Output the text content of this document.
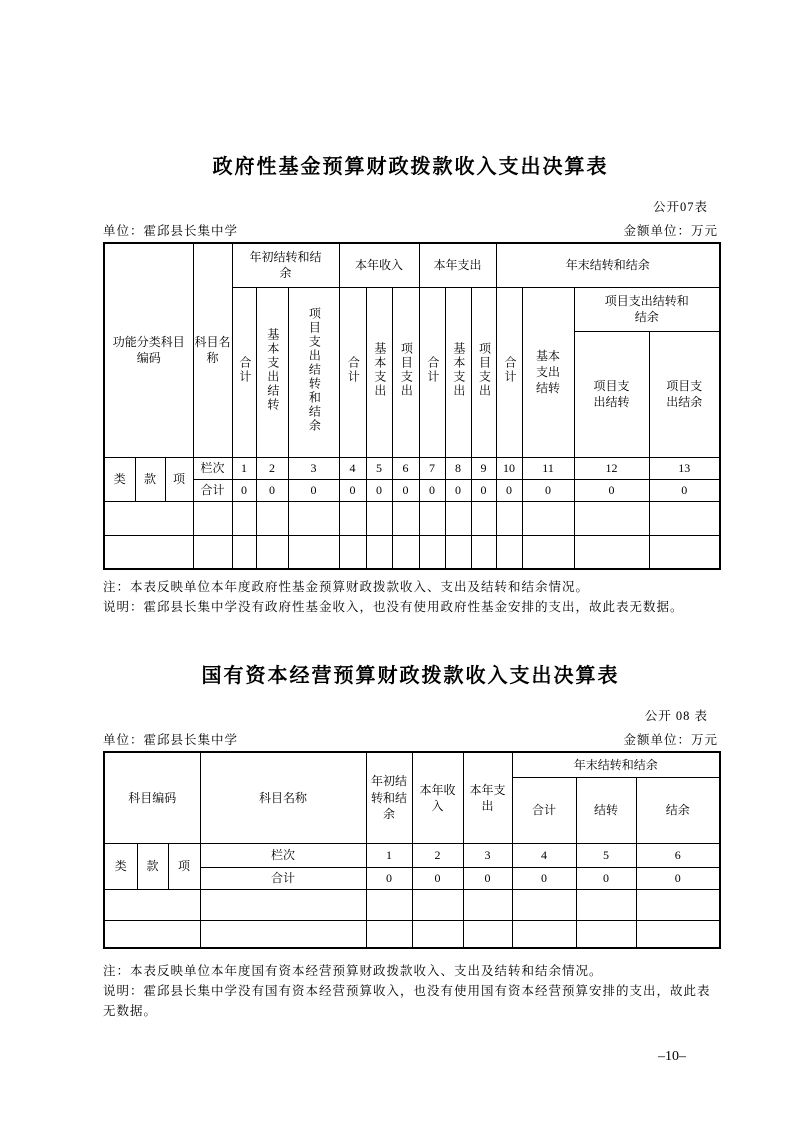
政府性基金预算财政拨款收入支出决算表
公开07表
单位：霍邱县长集中学	金额单位：万元
功能分类科目编码			科目名称	年初结转和结余			本年收入			本年支出			年末结转和结余			
				合计	基本支出结转	项目支出结转和结余	合计	基本支出	项目支出	合计	基本支出	项目支出	合计	基本支出结转	项目支出结转和结余	
															项目支出结转	项目支出结余
类	款	项	栏次	1	2	3	4	5	6	7	8	9	10	11	12	13
			合计	0	0	0	0	0	0	0	0	0	0	0	0	0

注：本表反映单位本年度政府性基金预算财政拨款收入、支出及结转和结余情况。
说明：霍邱县长集中学没有政府性基金收入，也没有使用政府性基金安排的支出，故此表无数据。
国有资本经营预算财政拨款收入支出决算表
公开 08 表
单位：霍邱县长集中学	金额单位：万元
科目编码			科目名称	年初结转和结余	本年收入	本年支出	年末结转和结余		
							合计	结转	结余
类	款	项	栏次	1	2	3	4	5	6
			合计	0	0	0	0	0	0

注：本表反映单位本年度国有资本经营预算财政拨款收入、支出及结转和结余情况。
说明：霍邱县长集中学没有国有资本经营预算收入，也没有使用国有资本经营预算安排的支出，故此表无数据。
–10–
